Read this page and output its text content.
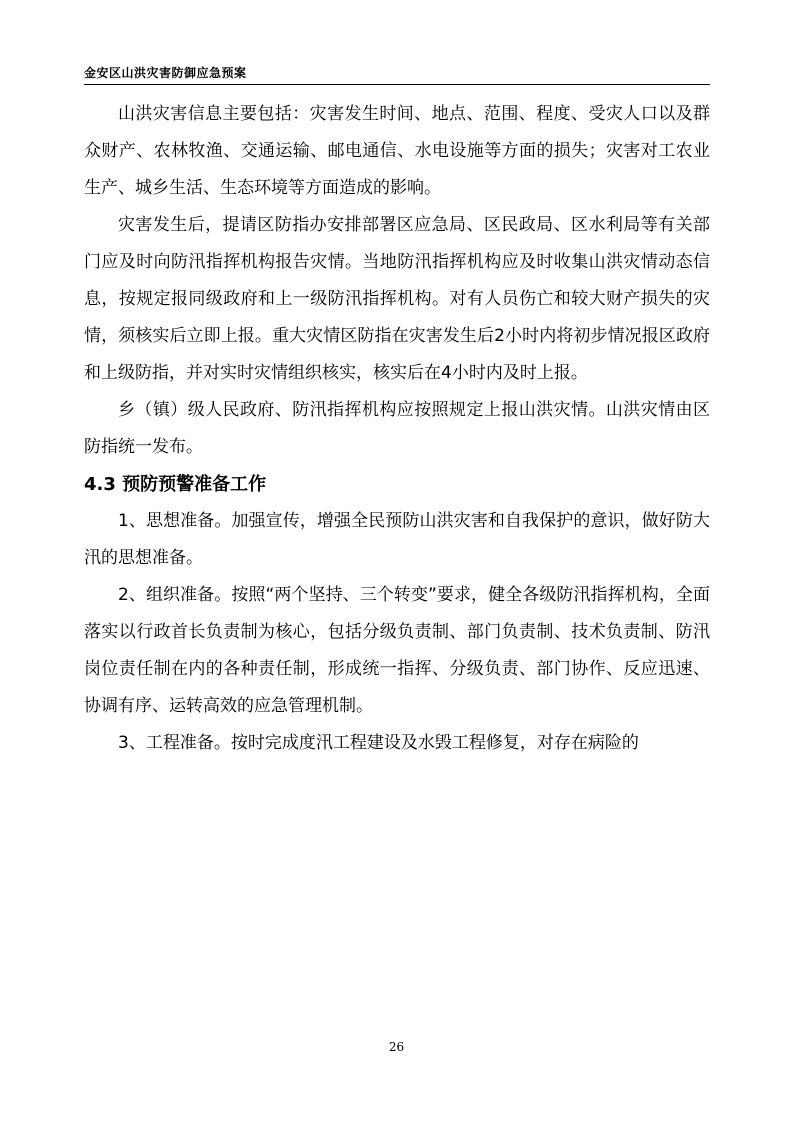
金安区山洪灾害防御应急预案

山洪灾害信息主要包括：灾害发生时间、地点、范围、程度、受灾人口以及群众财产、农林牧渔、交通运输、邮电通信、水电设施等方面的损失；灾害对工农业生产、城乡生活、生态环境等方面造成的影响。

灾害发生后，提请区防指办安排部署区应急局、区民政局、区水利局等有关部门应及时向防汛指挥机构报告灾情。当地防汛指挥机构应及时收集山洪灾情动态信息，按规定报同级政府和上一级防汛指挥机构。对有人员伤亡和较大财产损失的灾情，须核实后立即上报。重大灾情区防指在灾害发生后2小时内将初步情况报区政府和上级防指，并对实时灾情组织核实，核实后在4小时内及时上报。

乡（镇）级人民政府、防汛指挥机构应按照规定上报山洪灾情。山洪灾情由区防指统一发布。

4.3 预防预警准备工作

1、思想准备。加强宣传，增强全民预防山洪灾害和自我保护的意识，做好防大汛的思想准备。

2、组织准备。按照“两个坚持、三个转变”要求，健全各级防汛指挥机构，全面落实以行政首长负责制为核心，包括分级负责制、部门负责制、技术负责制、防汛岗位责任制在内的各种责任制，形成统一指挥、分级负责、部门协作、反应迅速、协调有序、运转高效的应急管理机制。

3、工程准备。按时完成度汛工程建设及水毁工程修复，对存在病险的

26
